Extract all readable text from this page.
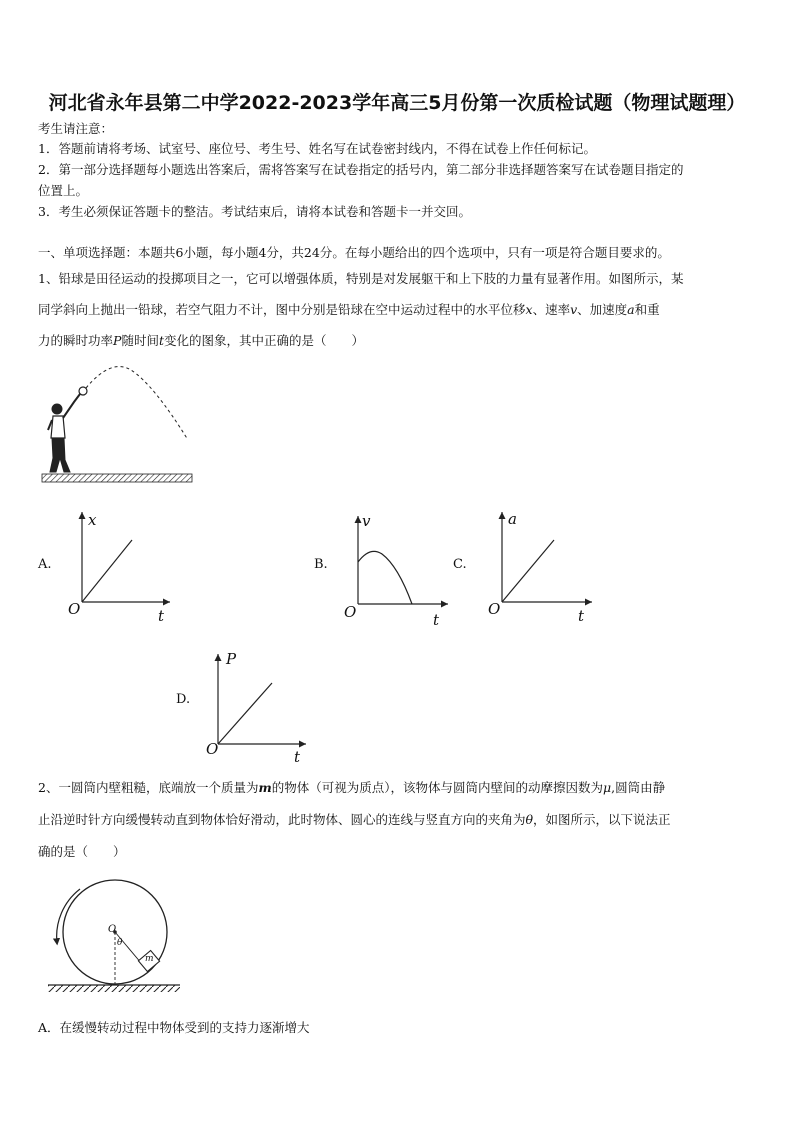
河北省永年县第二中学2022-2023学年高三5月份第一次质检试题（物理试题理）
考生请注意：
1．答题前请将考场、试室号、座位号、考生号、姓名写在试卷密封线内，不得在试卷上作任何标记。
2．第一部分选择题每小题选出答案后，需将答案写在试卷指定的括号内，第二部分非选择题答案写在试卷题目指定的
位置上。
3．考生必须保证答题卡的整洁。考试结束后，请将本试卷和答题卡一并交回。
一、单项选择题：本题共6小题，每小题4分，共24分。在每小题给出的四个选项中，只有一项是符合题目要求的。
1、铅球是田径运动的投掷项目之一，它可以增强体质，特别是对发展躯干和上下肢的力量有显著作用。如图所示，某
同学斜向上抛出一铅球，若空气阻力不计，图中分别是铅球在空中运动过程中的水平位移x、速率v、加速度a和重
力的瞬时功率P随时间t变化的图象，其中正确的是（　　）
A.
x
t
O
B.
v
t
O
C.
a
t
O
D.
P
t
O
2、一圆筒内壁粗糙，底端放一个质量为m的物体（可视为质点），该物体与圆筒内壁间的动摩擦因数为μ,圆筒由静
止沿逆时针方向缓慢转动直到物体恰好滑动，此时物体、圆心的连线与竖直方向的夹角为θ，如图所示，以下说法正
确的是（　　）
O
θ
m
A．在缓慢转动过程中物体受到的支持力逐渐增大
